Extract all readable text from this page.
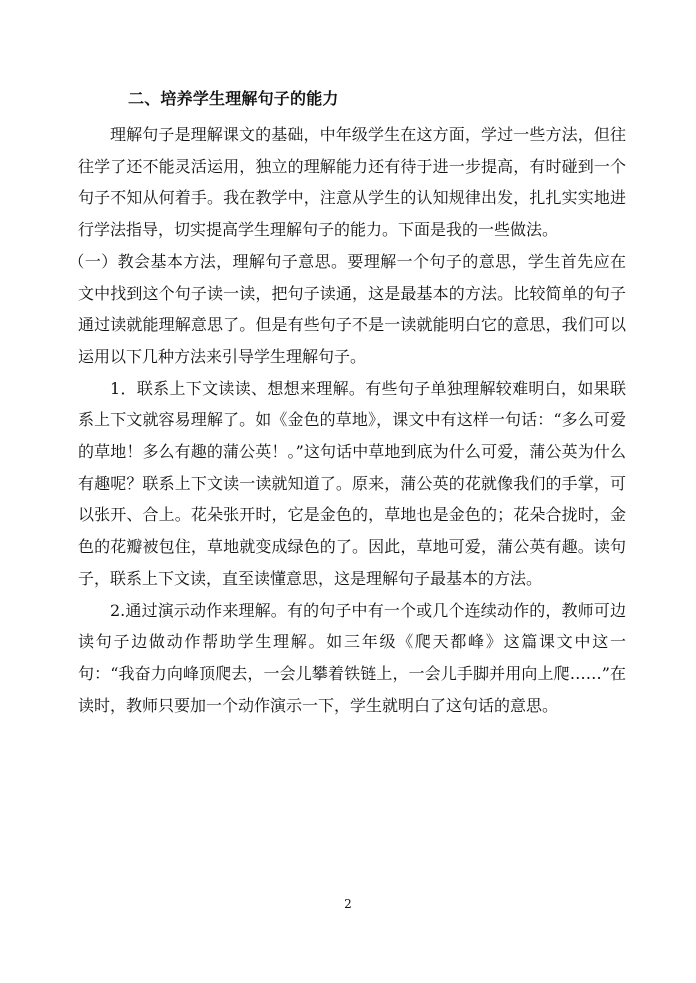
二、培养学生理解句子的能力

理解句子是理解课文的基础，中年级学生在这方面，学过一些方法，但往往学了还不能灵活运用，独立的理解能力还有待于进一步提高，有时碰到一个句子不知从何着手。我在教学中，注意从学生的认知规律出发，扎扎实实地进行学法指导，切实提高学生理解句子的能力。下面是我的一些做法。

（一）教会基本方法，理解句子意思。要理解一个句子的意思，学生首先应在文中找到这个句子读一读，把句子读通，这是最基本的方法。比较简单的句子通过读就能理解意思了。但是有些句子不是一读就能明白它的意思，我们可以运用以下几种方法来引导学生理解句子。

1．联系上下文读读、想想来理解。有些句子单独理解较难明白，如果联系上下文就容易理解了。如《金色的草地》，课文中有这样一句话：“多么可爱的草地！多么有趣的蒲公英！。”这句话中草地到底为什么可爱，蒲公英为什么有趣呢？联系上下文读一读就知道了。原来，蒲公英的花就像我们的手掌，可以张开、合上。花朵张开时，它是金色的，草地也是金色的；花朵合拢时，金色的花瓣被包住，草地就变成绿色的了。因此，草地可爱，蒲公英有趣。读句子，联系上下文读，直至读懂意思，这是理解句子最基本的方法。

2.通过演示动作来理解。有的句子中有一个或几个连续动作的，教师可边读句子边做动作帮助学生理解。如三年级《爬天都峰》这篇课文中这一句：“我奋力向峰顶爬去，一会儿攀着铁链上，一会儿手脚并用向上爬……”在读时，教师只要加一个动作演示一下，学生就明白了这句话的意思。

2
